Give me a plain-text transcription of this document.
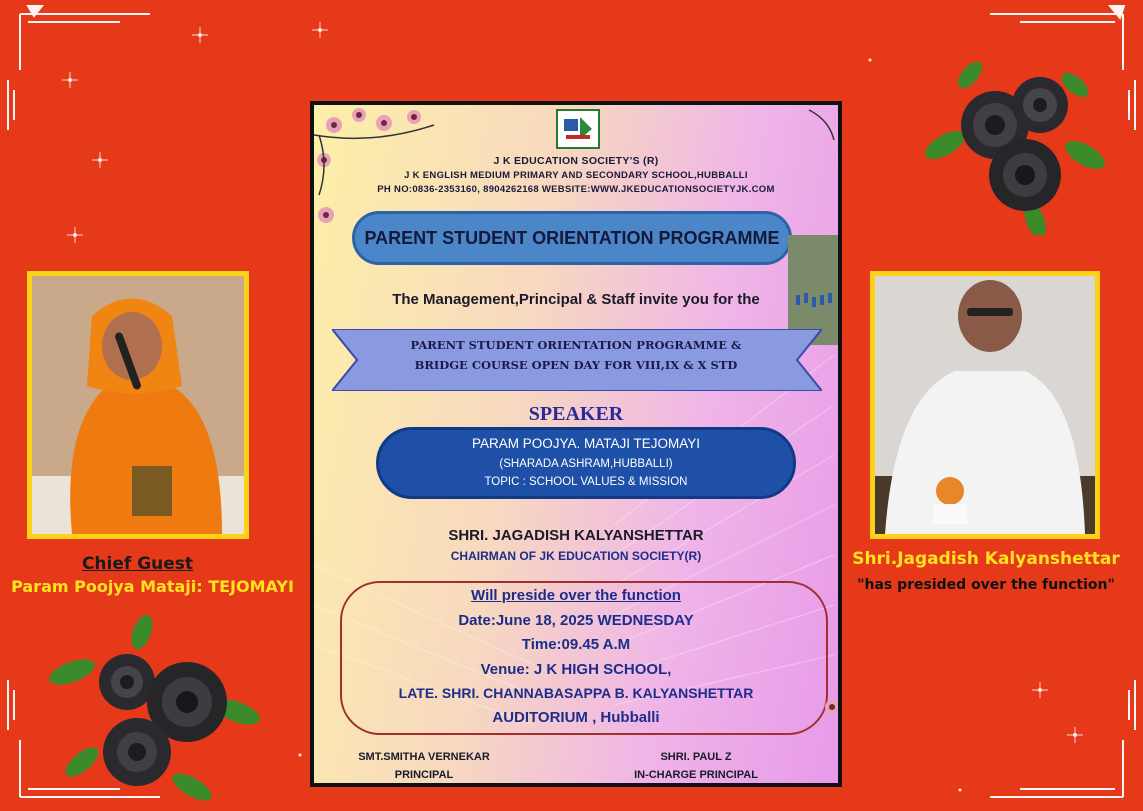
Chief Guest
Param Poojya Mataji: TEJOMAYI
Shri.Jagadish Kalyanshettar
"has presided over the function"
J K EDUCATION SOCIETY'S (R)
J K ENGLISH MEDIUM PRIMARY AND SECONDARY SCHOOL,HUBBALLI
PH NO:0836-2353160, 8904262168 WEBSITE:WWW.JKEDUCATIONSOCIETYJK.COM
PARENT STUDENT ORIENTATION PROGRAMME
The Management,Principal & Staff invite you for the
PARENT STUDENT ORIENTATION PROGRAMME &
BRIDGE COURSE OPEN DAY FOR VIII,IX & X STD
SPEAKER
PARAM POOJYA. MATAJI TEJOMAYI
(SHARADA ASHRAM,HUBBALLI)
TOPIC : SCHOOL VALUES & MISSION
SHRI. JAGADISH KALYANSHETTAR
CHAIRMAN OF JK EDUCATION SOCIETY(R)
Will preside over the function
Date:June 18, 2025 WEDNESDAY
Time:09.45 A.M
Venue: J K HIGH SCHOOL,
LATE. SHRI. CHANNABASAPPA B. KALYANSHETTAR
AUDITORIUM , Hubballi
SMT.SMITHA VERNEKAR
PRINCIPAL
SHRI. PAUL Z
IN-CHARGE PRINCIPAL
